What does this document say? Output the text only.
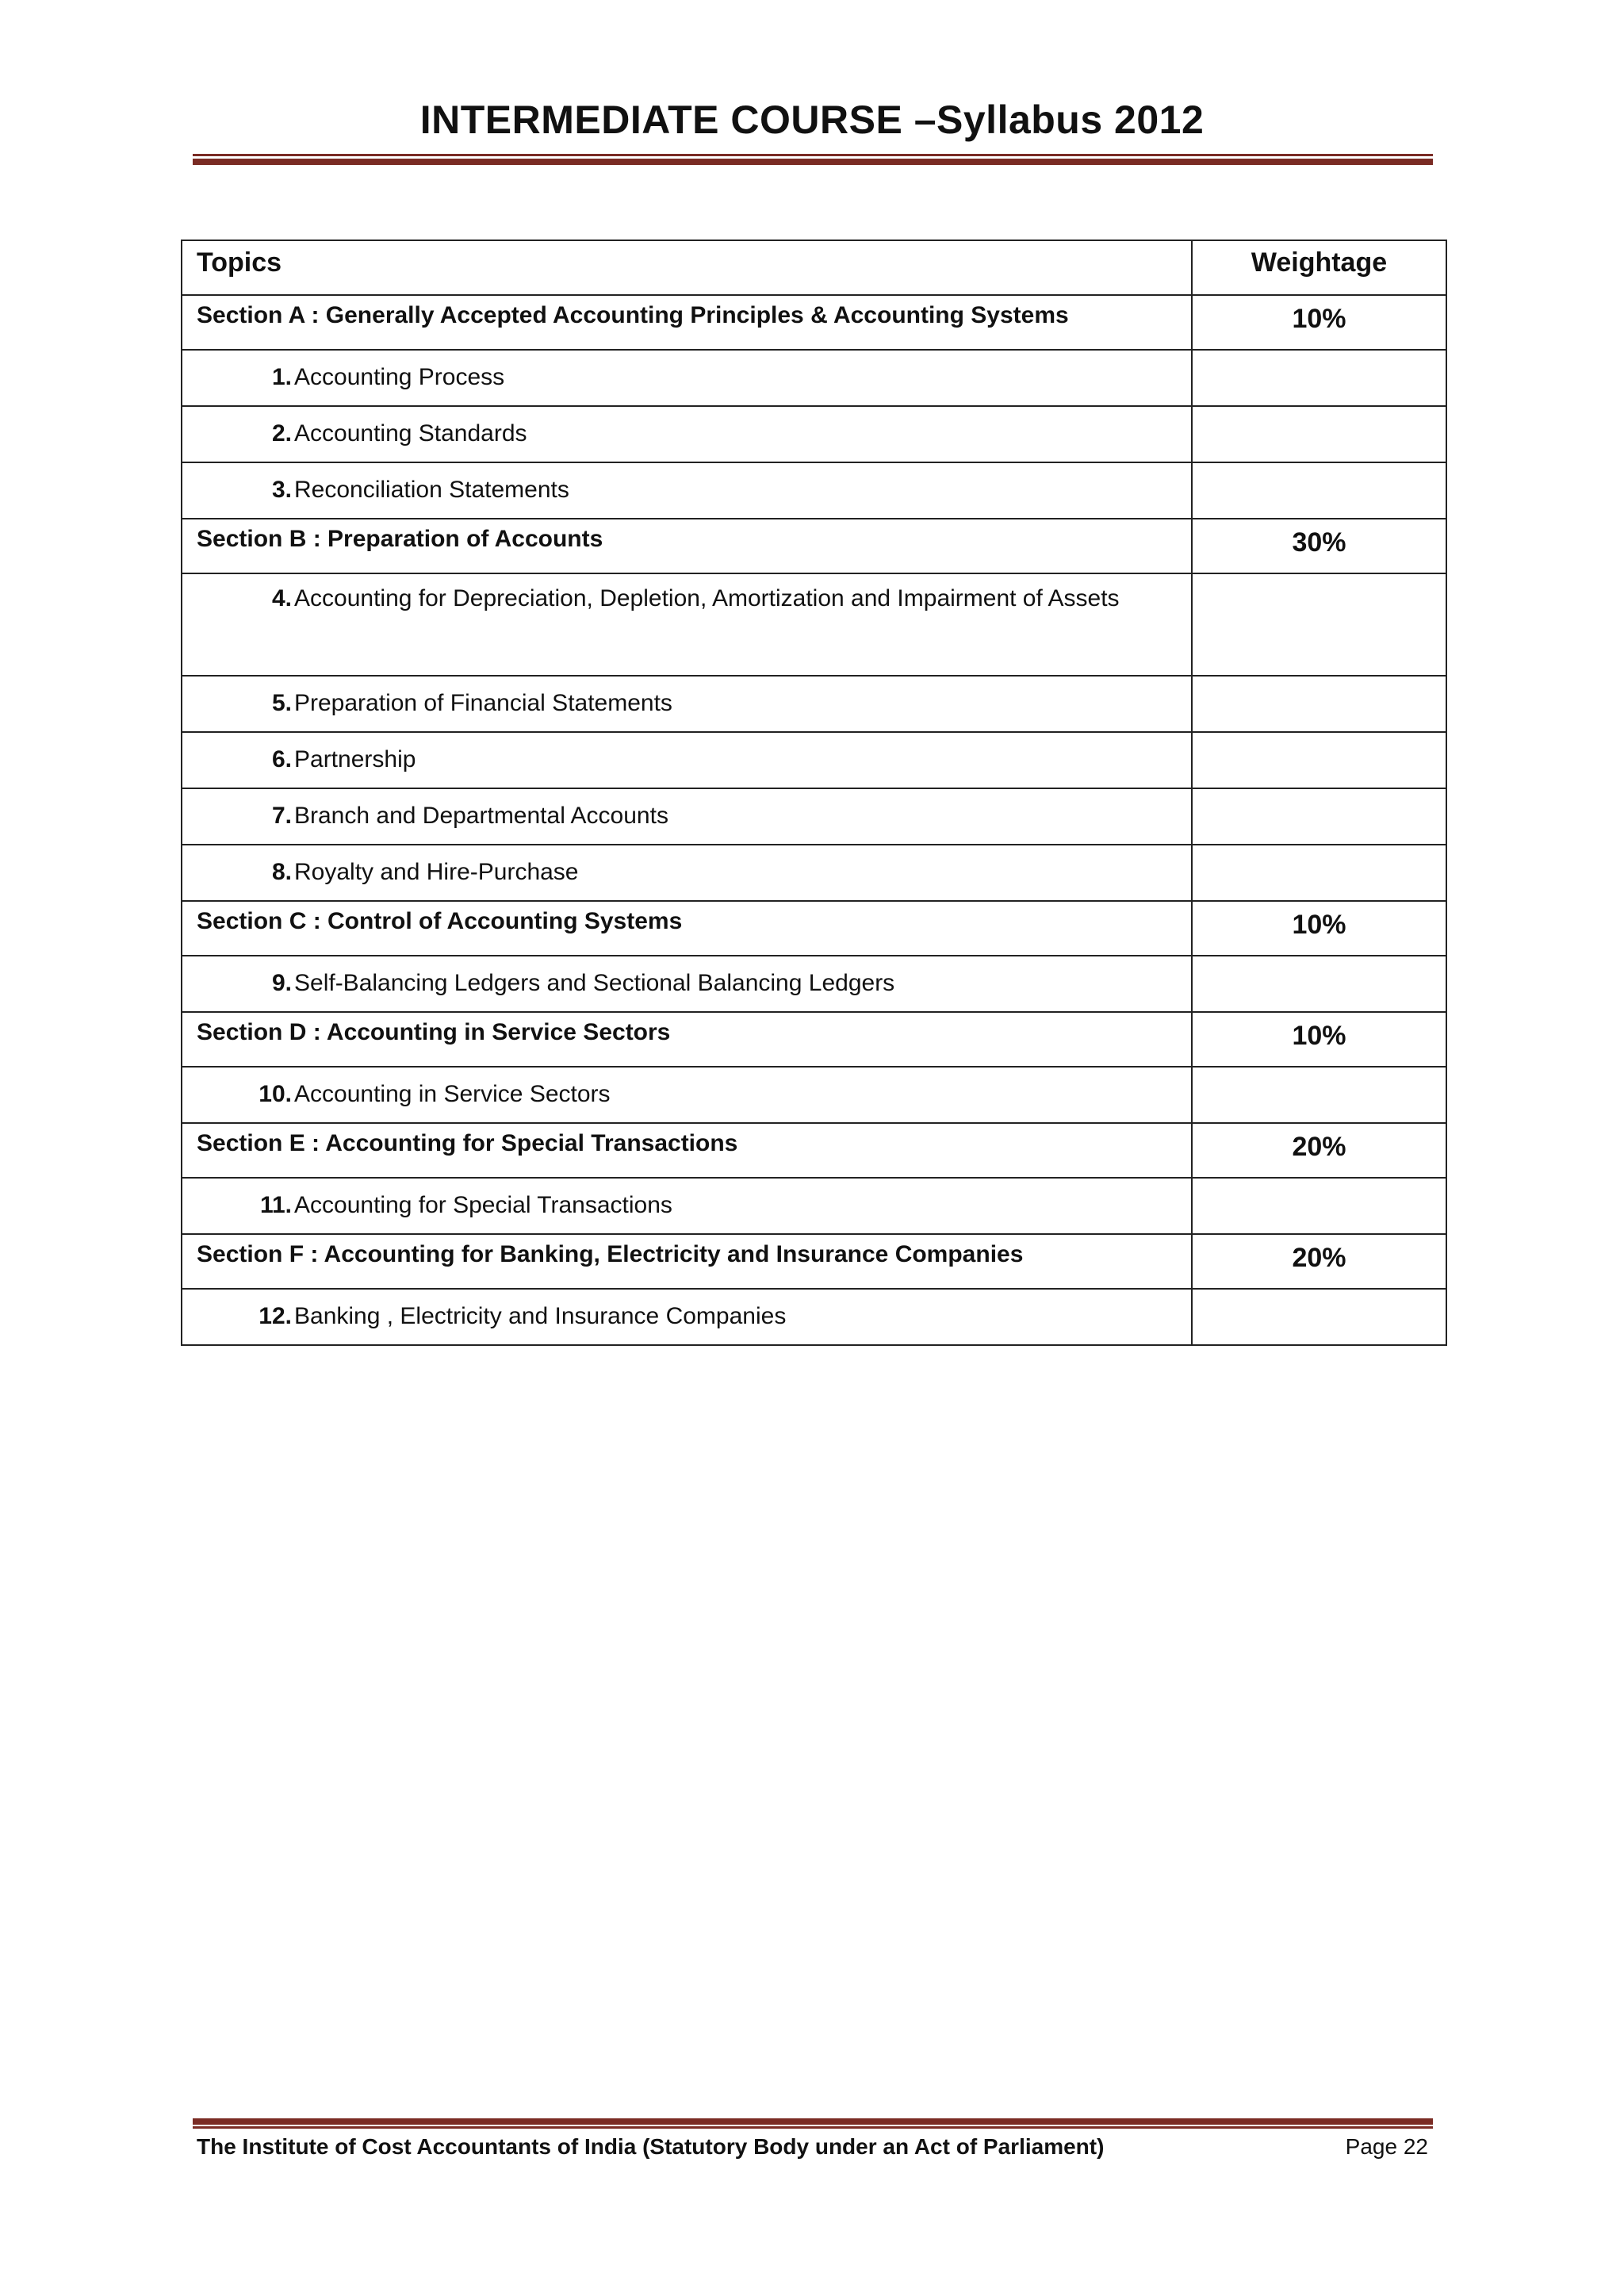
INTERMEDIATE COURSE –Syllabus 2012
Topics	Weightage
Section A : Generally Accepted Accounting Principles & Accounting Systems	10%

1. Accounting Process	

2. Accounting Standards	

3. Reconciliation Statements	

Section B : Preparation of Accounts	30%

4. Accounting for Depreciation, Depletion, Amortization and Impairment of Assets	

5. Preparation of Financial Statements	

6. Partnership	

7. Branch and Departmental Accounts	

8. Royalty and Hire-Purchase	

Section C : Control of Accounting Systems	10%

9. Self-Balancing Ledgers and Sectional Balancing Ledgers	

Section D : Accounting in Service Sectors	10%

10. Accounting in Service Sectors	

Section E : Accounting for Special Transactions	20%

11. Accounting for Special Transactions	

Section F : Accounting for Banking, Electricity and Insurance Companies	20%

12. Banking , Electricity and Insurance Companies	

The Institute of Cost Accountants of India (Statutory Body under an Act of Parliament)	Page 22
